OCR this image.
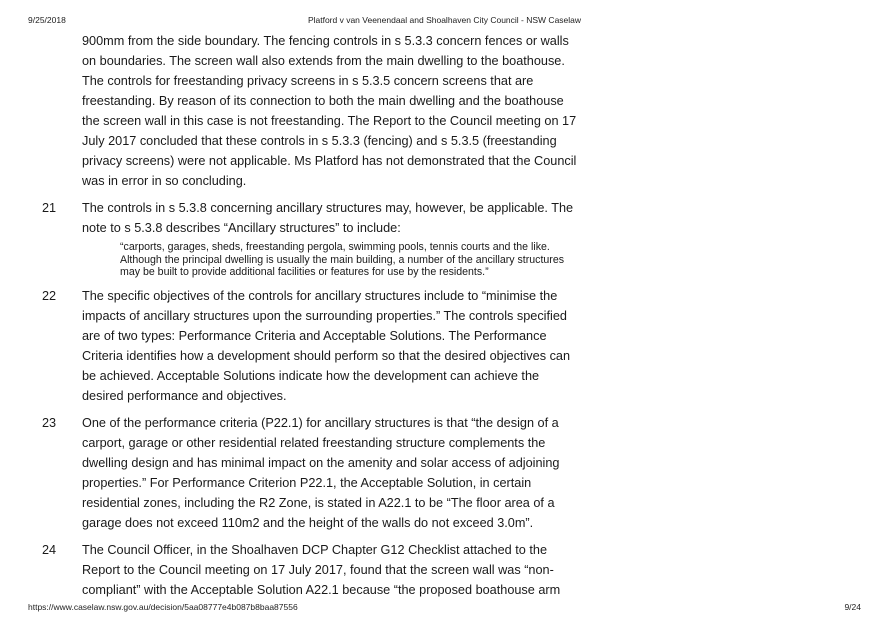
9/25/2018	Platford v van Veenendaal and Shoalhaven City Council - NSW Caselaw

900mm from the side boundary. The fencing controls in s 5.3.3 concern fences or walls on boundaries. The screen wall also extends from the main dwelling to the boathouse. The controls for freestanding privacy screens in s 5.3.5 concern screens that are freestanding. By reason of its connection to both the main dwelling and the boathouse the screen wall in this case is not freestanding. The Report to the Council meeting on 17 July 2017 concluded that these controls in s 5.3.3 (fencing) and s 5.3.5 (freestanding privacy screens) were not applicable. Ms Platford has not demonstrated that the Council was in error in so concluding.

21 The controls in s 5.3.8 concerning ancillary structures may, however, be applicable. The note to s 5.3.8 describes “Ancillary structures” to include:

“carports, garages, sheds, freestanding pergola, swimming pools, tennis courts and the like. Although the principal dwelling is usually the main building, a number of the ancillary structures may be built to provide additional facilities or features for use by the residents.”
22 The specific objectives of the controls for ancillary structures include to “minimise the impacts of ancillary structures upon the surrounding properties.” The controls specified are of two types: Performance Criteria and Acceptable Solutions. The Performance Criteria identifies how a development should perform so that the desired objectives can be achieved. Acceptable Solutions indicate how the development can achieve the desired performance and objectives.

23 One of the performance criteria (P22.1) for ancillary structures is that “the design of a carport, garage or other residential related freestanding structure complements the dwelling design and has minimal impact on the amenity and solar access of adjoining properties.” For Performance Criterion P22.1, the Acceptable Solution, in certain residential zones, including the R2 Zone, is stated in A22.1 to be “The floor area of a garage does not exceed 110m2 and the height of the walls do not exceed 3.0m”.

24 The Council Officer, in the Shoalhaven DCP Chapter G12 Checklist attached to the Report to the Council meeting on 17 July 2017, found that the screen wall was “non-compliant” with the Acceptable Solution A22.1 because “the proposed boathouse arm

https://www.caselaw.nsw.gov.au/decision/5aa08777e4b087b8baa87556	9/24
